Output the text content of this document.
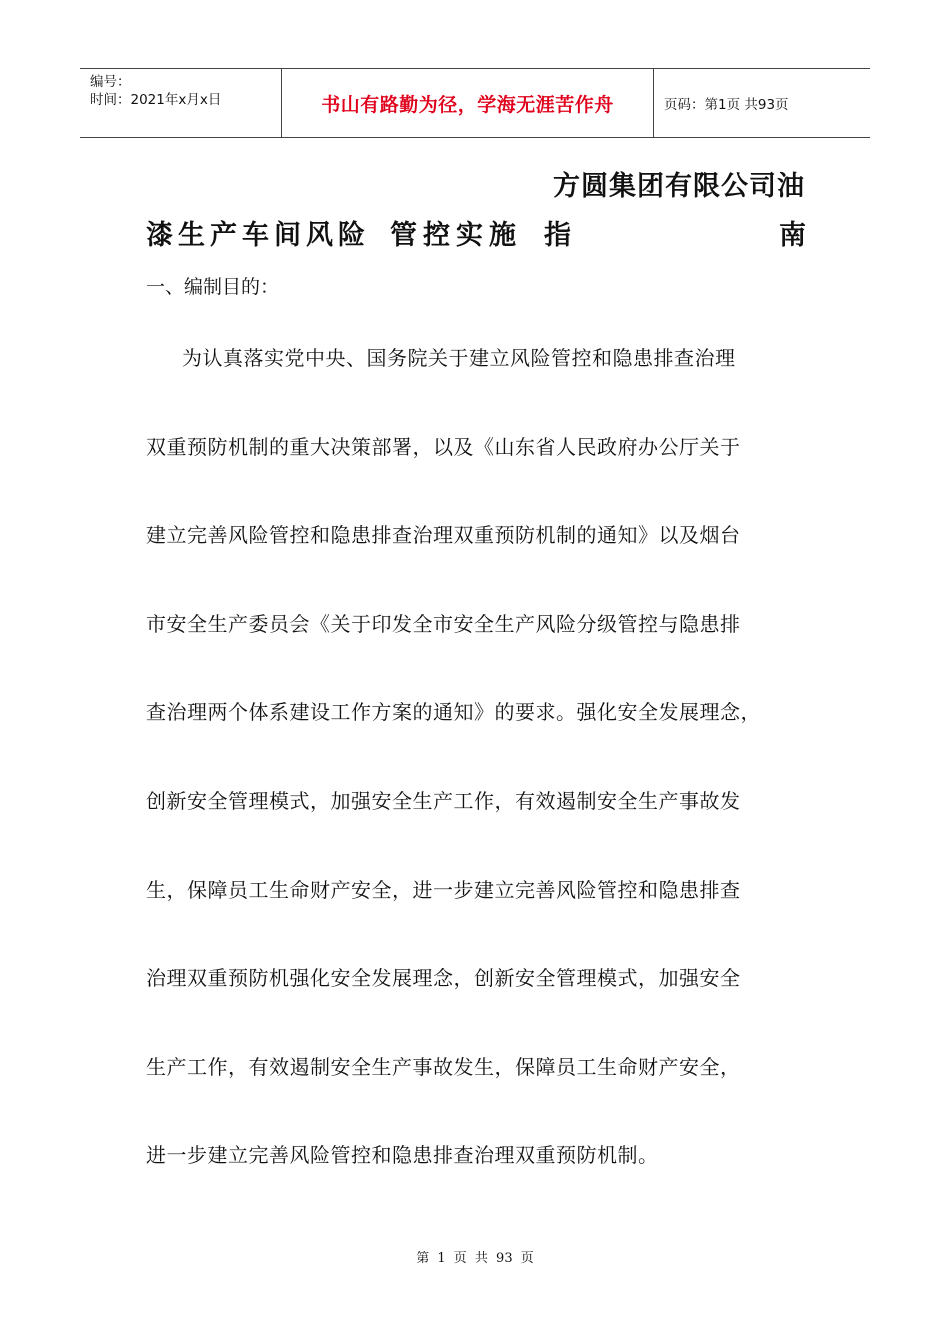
编号：
时间：2021年x月x日	书山有路勤为径，学海无涯苦作舟	页码：第1页 共93页
方圆集团有限公司油
漆生产车间风险 管控实施 指	南
一、编制目的：
为认真落实党中央、国务院关于建立风险管控和隐患排查治理
双重预防机制的重大决策部署，以及《山东省人民政府办公厅关于
建立完善风险管控和隐患排查治理双重预防机制的通知》以及烟台
市安全生产委员会《关于印发全市安全生产风险分级管控与隐患排
查治理两个体系建设工作方案的通知》的要求。强化安全发展理念，
创新安全管理模式，加强安全生产工作，有效遏制安全生产事故发
生，保障员工生命财产安全，进一步建立完善风险管控和隐患排查
治理双重预防机强化安全发展理念，创新安全管理模式，加强安全
生产工作，有效遏制安全生产事故发生，保障员工生命财产安全，
进一步建立完善风险管控和隐患排查治理双重预防机制。
第 1 页 共 93 页
